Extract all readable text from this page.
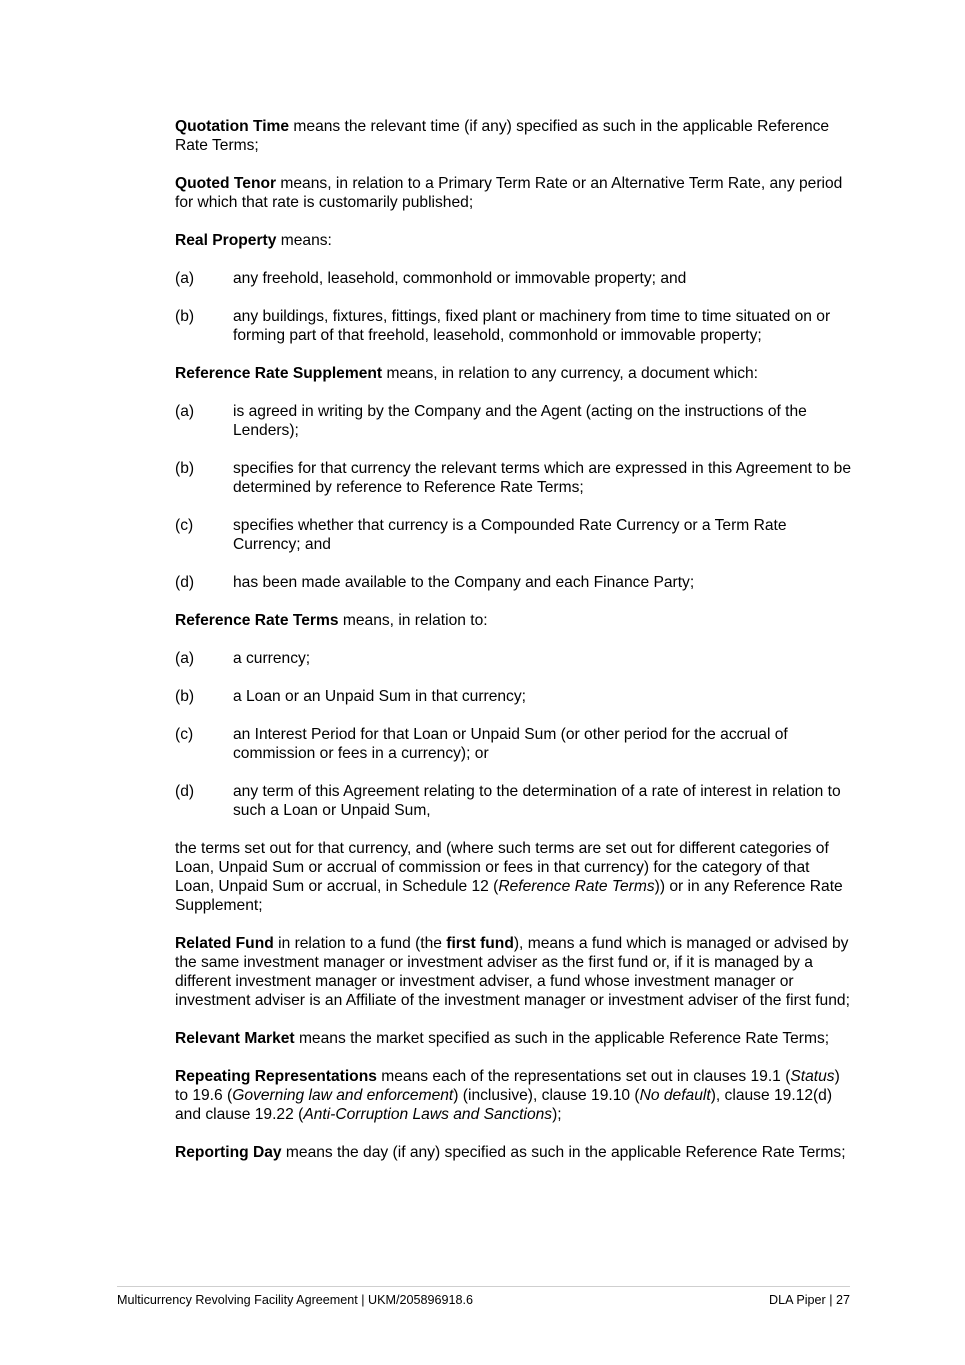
Quotation Time means the relevant time (if any) specified as such in the applicable Reference Rate Terms;

Quoted Tenor means, in relation to a Primary Term Rate or an Alternative Term Rate, any period for which that rate is customarily published;

Real Property means:

(a)	any freehold, leasehold, commonhold or immovable property; and
(b)	any buildings, fixtures, fittings, fixed plant or machinery from time to time situated on or forming part of that freehold, leasehold, commonhold or immovable property;

Reference Rate Supplement means, in relation to any currency, a document which:

(a)	is agreed in writing by the Company and the Agent (acting on the instructions of the Lenders);
(b)	specifies for that currency the relevant terms which are expressed in this Agreement to be determined by reference to Reference Rate Terms;
(c)	specifies whether that currency is a Compounded Rate Currency or a Term Rate Currency; and
(d)	has been made available to the Company and each Finance Party;

Reference Rate Terms means, in relation to:

(a)	a currency;
(b)	a Loan or an Unpaid Sum in that currency;
(c)	an Interest Period for that Loan or Unpaid Sum (or other period for the accrual of commission or fees in a currency); or
(d)	any term of this Agreement relating to the determination of a rate of interest in relation to such a Loan or Unpaid Sum,

the terms set out for that currency, and (where such terms are set out for different categories of Loan, Unpaid Sum or accrual of commission or fees in that currency) for the category of that Loan, Unpaid Sum or accrual, in Schedule 12 (Reference Rate Terms)) or in any Reference Rate Supplement;

Related Fund in relation to a fund (the first fund), means a fund which is managed or advised by the same investment manager or investment adviser as the first fund or, if it is managed by a different investment manager or investment adviser, a fund whose investment manager or investment adviser is an Affiliate of the investment manager or investment adviser of the first fund;

Relevant Market means the market specified as such in the applicable Reference Rate Terms;

Repeating Representations means each of the representations set out in clauses 19.1 (Status) to 19.6 (Governing law and enforcement) (inclusive), clause 19.10 (No default), clause 19.12(d) and clause 19.22 (Anti-Corruption Laws and Sanctions);

Reporting Day means the day (if any) specified as such in the applicable Reference Rate Terms;

Multicurrency Revolving Facility Agreement | UKM/205896918.6	DLA Piper | 27
